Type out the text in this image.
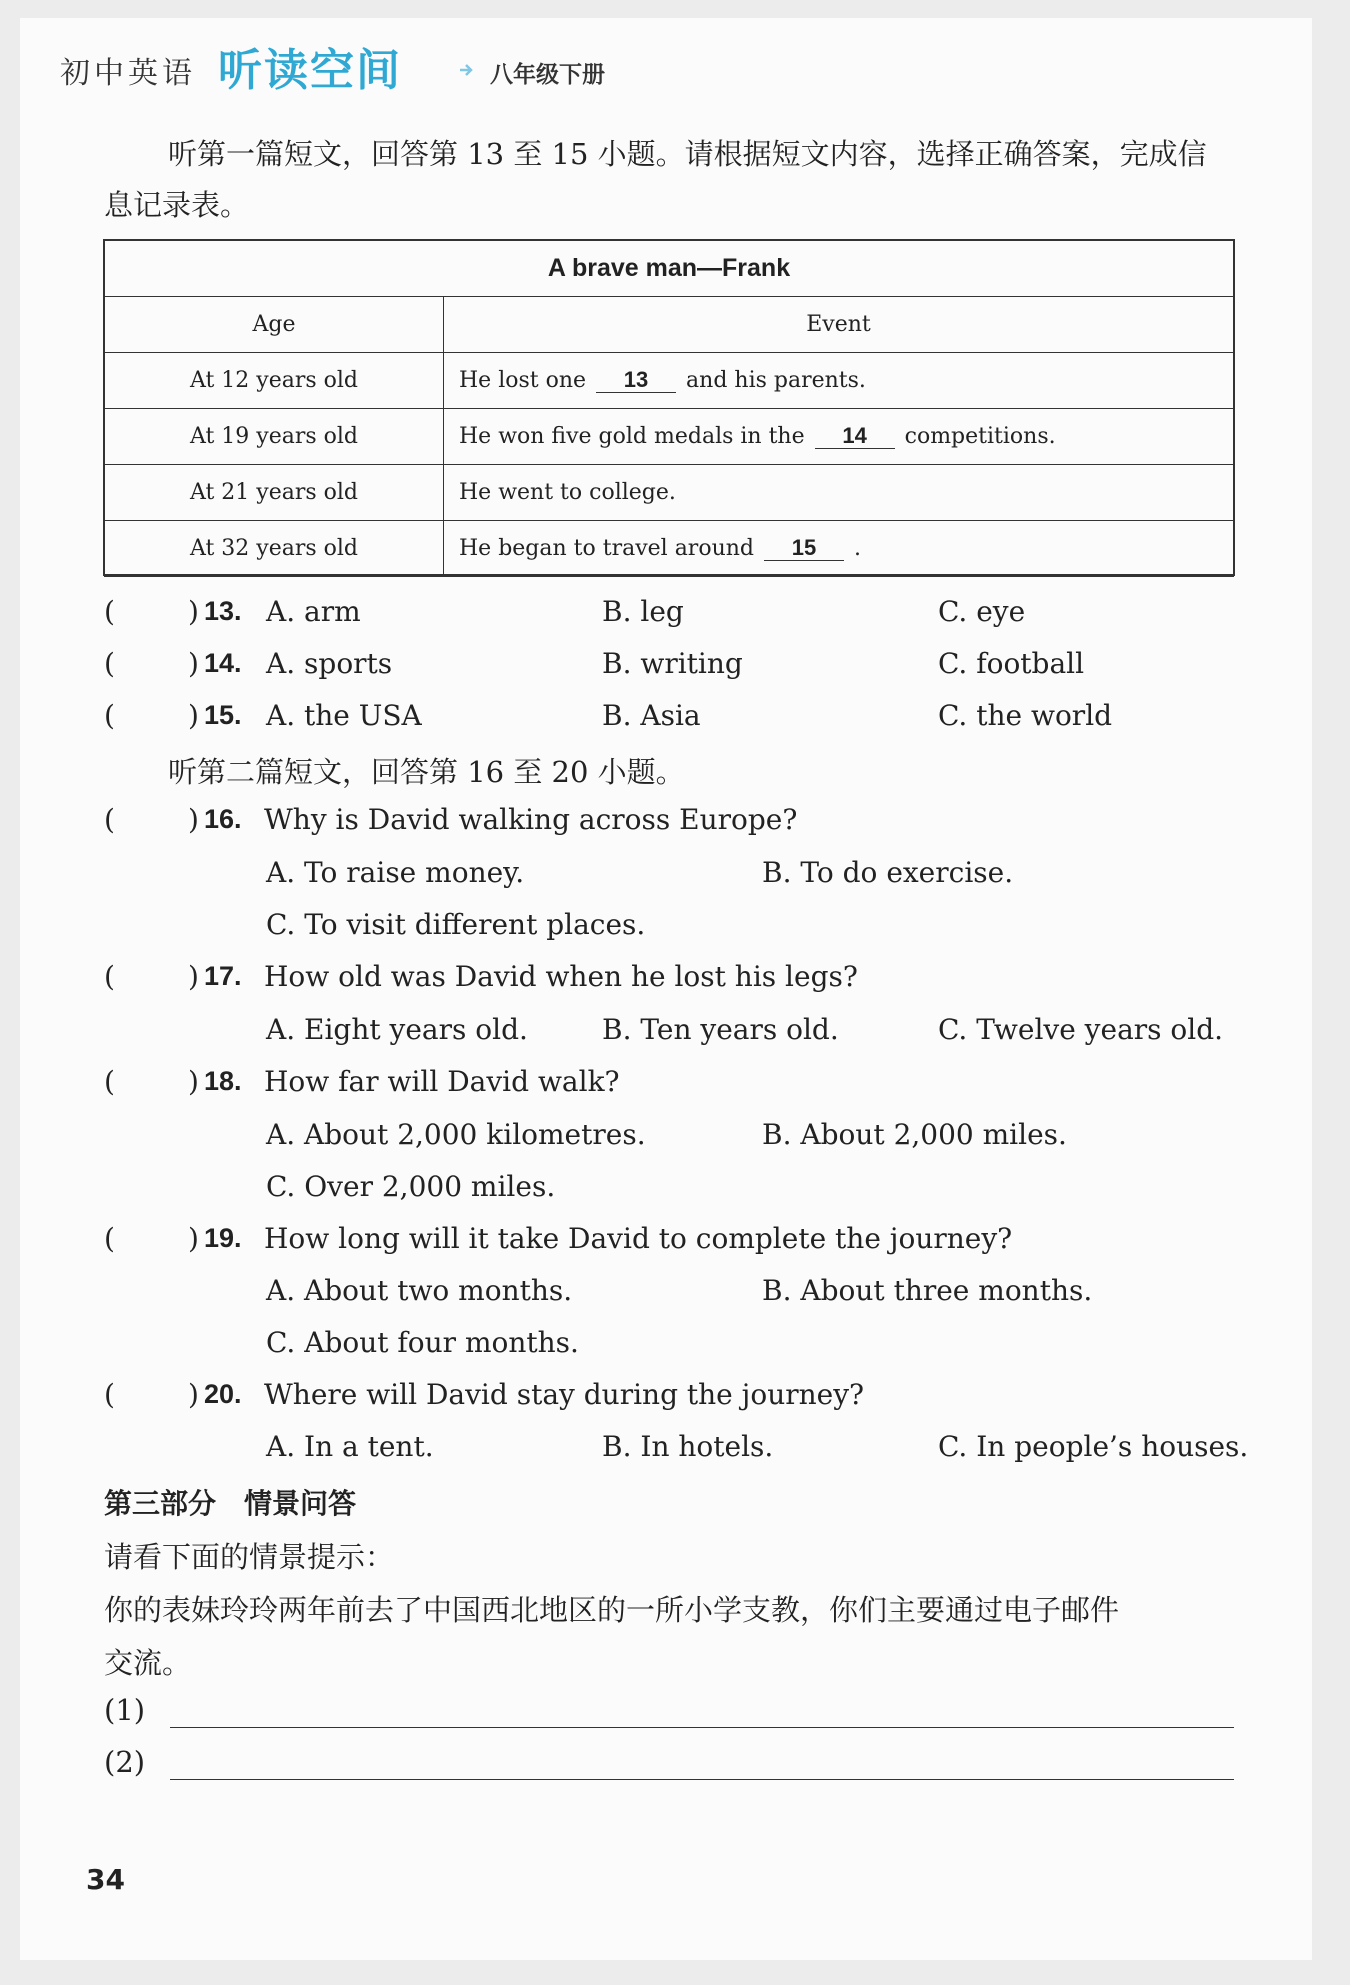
初中英语 听读空间	八年级下册
听第一篇短文，回答第 13 至 15 小题。请根据短文内容，选择正确答案，完成信
息记录表。
A brave man—Frank	
Age	Event
At 12 years old	He lost one 13 and his parents.
At 19 years old	He won five gold medals in the 14 competitions.
At 21 years old	He went to college.
At 32 years old	He began to travel around 15 .
(	) 13. A. arm	B. leg	C. eye
(	) 14. A. sports	B. writing	C. football
(	) 15. A. the USA	B. Asia	C. the world
听第二篇短文，回答第 16 至 20 小题。
(	) 16. Why is David walking across Europe?
A. To raise money.	B. To do exercise.
C. To visit different places.
(	) 17. How old was David when he lost his legs?
A. Eight years old.	B. Ten years old.	C. Twelve years old.
(	) 18. How far will David walk?
A. About 2,000 kilometres.	B. About 2,000 miles.
C. Over 2,000 miles.
(	) 19. How long will it take David to complete the journey?
A. About two months.	B. About three months.
C. About four months.
(	) 20. Where will David stay during the journey?
A. In a tent.	B. In hotels.	C. In people’s houses.
第三部分　情景问答
请看下面的情景提示：
你的表妹玲玲两年前去了中国西北地区的一所小学支教，你们主要通过电子邮件
交流。
(1)
(2)
34
